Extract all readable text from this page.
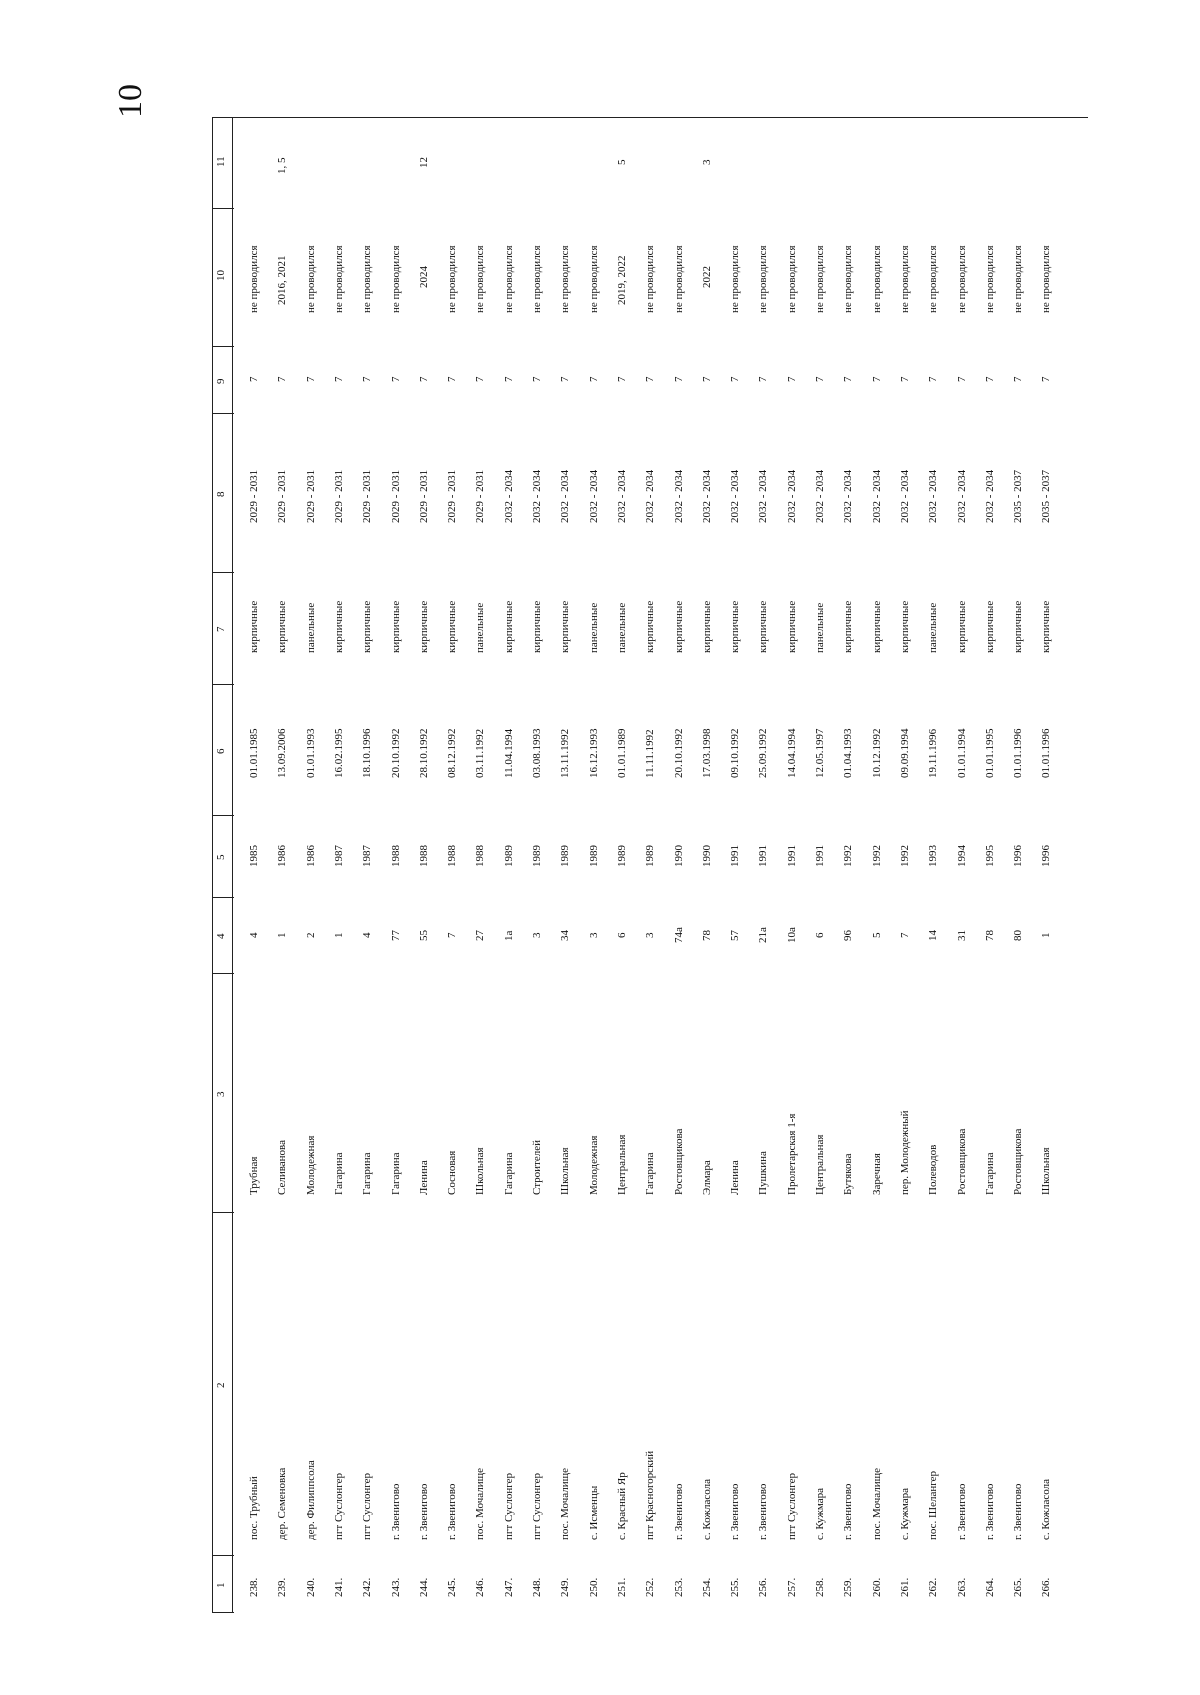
10
1
2
3
4
5
6
7
8
9
10
11
238.
пос. Трубный
Трубная
4
1985
01.01.1985
кирпичные
2029 - 2031
7
не проводился
239.
дер. Семеновка
Селиванова
1
1986
13.09.2006
кирпичные
2029 - 2031
7
2016, 2021
1, 5
240.
дер. Филиппсола
Молодежная
2
1986
01.01.1993
панельные
2029 - 2031
7
не проводился
241.
пгт Суслонгер
Гагарина
1
1987
16.02.1995
кирпичные
2029 - 2031
7
не проводился
242.
пгт Суслонгер
Гагарина
4
1987
18.10.1996
кирпичные
2029 - 2031
7
не проводился
243.
г. Звенигово
Гагарина
77
1988
20.10.1992
кирпичные
2029 - 2031
7
не проводился
244.
г. Звенигово
Ленина
55
1988
28.10.1992
кирпичные
2029 - 2031
7
2024
12
245.
г. Звенигово
Сосновая
7
1988
08.12.1992
кирпичные
2029 - 2031
7
не проводился
246.
пос. Мочалище
Школьная
27
1988
03.11.1992
панельные
2029 - 2031
7
не проводился
247.
пгт Суслонгер
Гагарина
1а
1989
11.04.1994
кирпичные
2032 - 2034
7
не проводился
248.
пгт Суслонгер
Строителей
3
1989
03.08.1993
кирпичные
2032 - 2034
7
не проводился
249.
пос. Мочалище
Школьная
34
1989
13.11.1992
кирпичные
2032 - 2034
7
не проводился
250.
с. Исменцы
Молодежная
3
1989
16.12.1993
панельные
2032 - 2034
7
не проводился
251.
с. Красный Яр
Центральная
6
1989
01.01.1989
панельные
2032 - 2034
7
2019, 2022
5
252.
пгт Красногорский
Гагарина
3
1989
11.11.1992
кирпичные
2032 - 2034
7
не проводился
253.
г. Звенигово
Ростовщикова
74а
1990
20.10.1992
кирпичные
2032 - 2034
7
не проводился
254.
с. Кожласола
Элмара
78
1990
17.03.1998
кирпичные
2032 - 2034
7
2022
3
255.
г. Звенигово
Ленина
57
1991
09.10.1992
кирпичные
2032 - 2034
7
не проводился
256.
г. Звенигово
Пушкина
21а
1991
25.09.1992
кирпичные
2032 - 2034
7
не проводился
257.
пгт Суслонгер
Пролетарская 1-я
10а
1991
14.04.1994
кирпичные
2032 - 2034
7
не проводился
258.
с. Кужмара
Центральная
6
1991
12.05.1997
панельные
2032 - 2034
7
не проводился
259.
г. Звенигово
Бутякова
96
1992
01.04.1993
кирпичные
2032 - 2034
7
не проводился
260.
пос. Мочалище
Заречная
5
1992
10.12.1992
кирпичные
2032 - 2034
7
не проводился
261.
с. Кужмара
пер. Молодежный
7
1992
09.09.1994
кирпичные
2032 - 2034
7
не проводился
262.
пос. Шелангер
Полеводов
14
1993
19.11.1996
панельные
2032 - 2034
7
не проводился
263.
г. Звенигово
Ростовщикова
31
1994
01.01.1994
кирпичные
2032 - 2034
7
не проводился
264.
г. Звенигово
Гагарина
78
1995
01.01.1995
кирпичные
2032 - 2034
7
не проводился
265.
г. Звенигово
Ростовщикова
80
1996
01.01.1996
кирпичные
2035 - 2037
7
не проводился
266.
с. Кожласола
Школьная
1
1996
01.01.1996
кирпичные
2035 - 2037
7
не проводился
